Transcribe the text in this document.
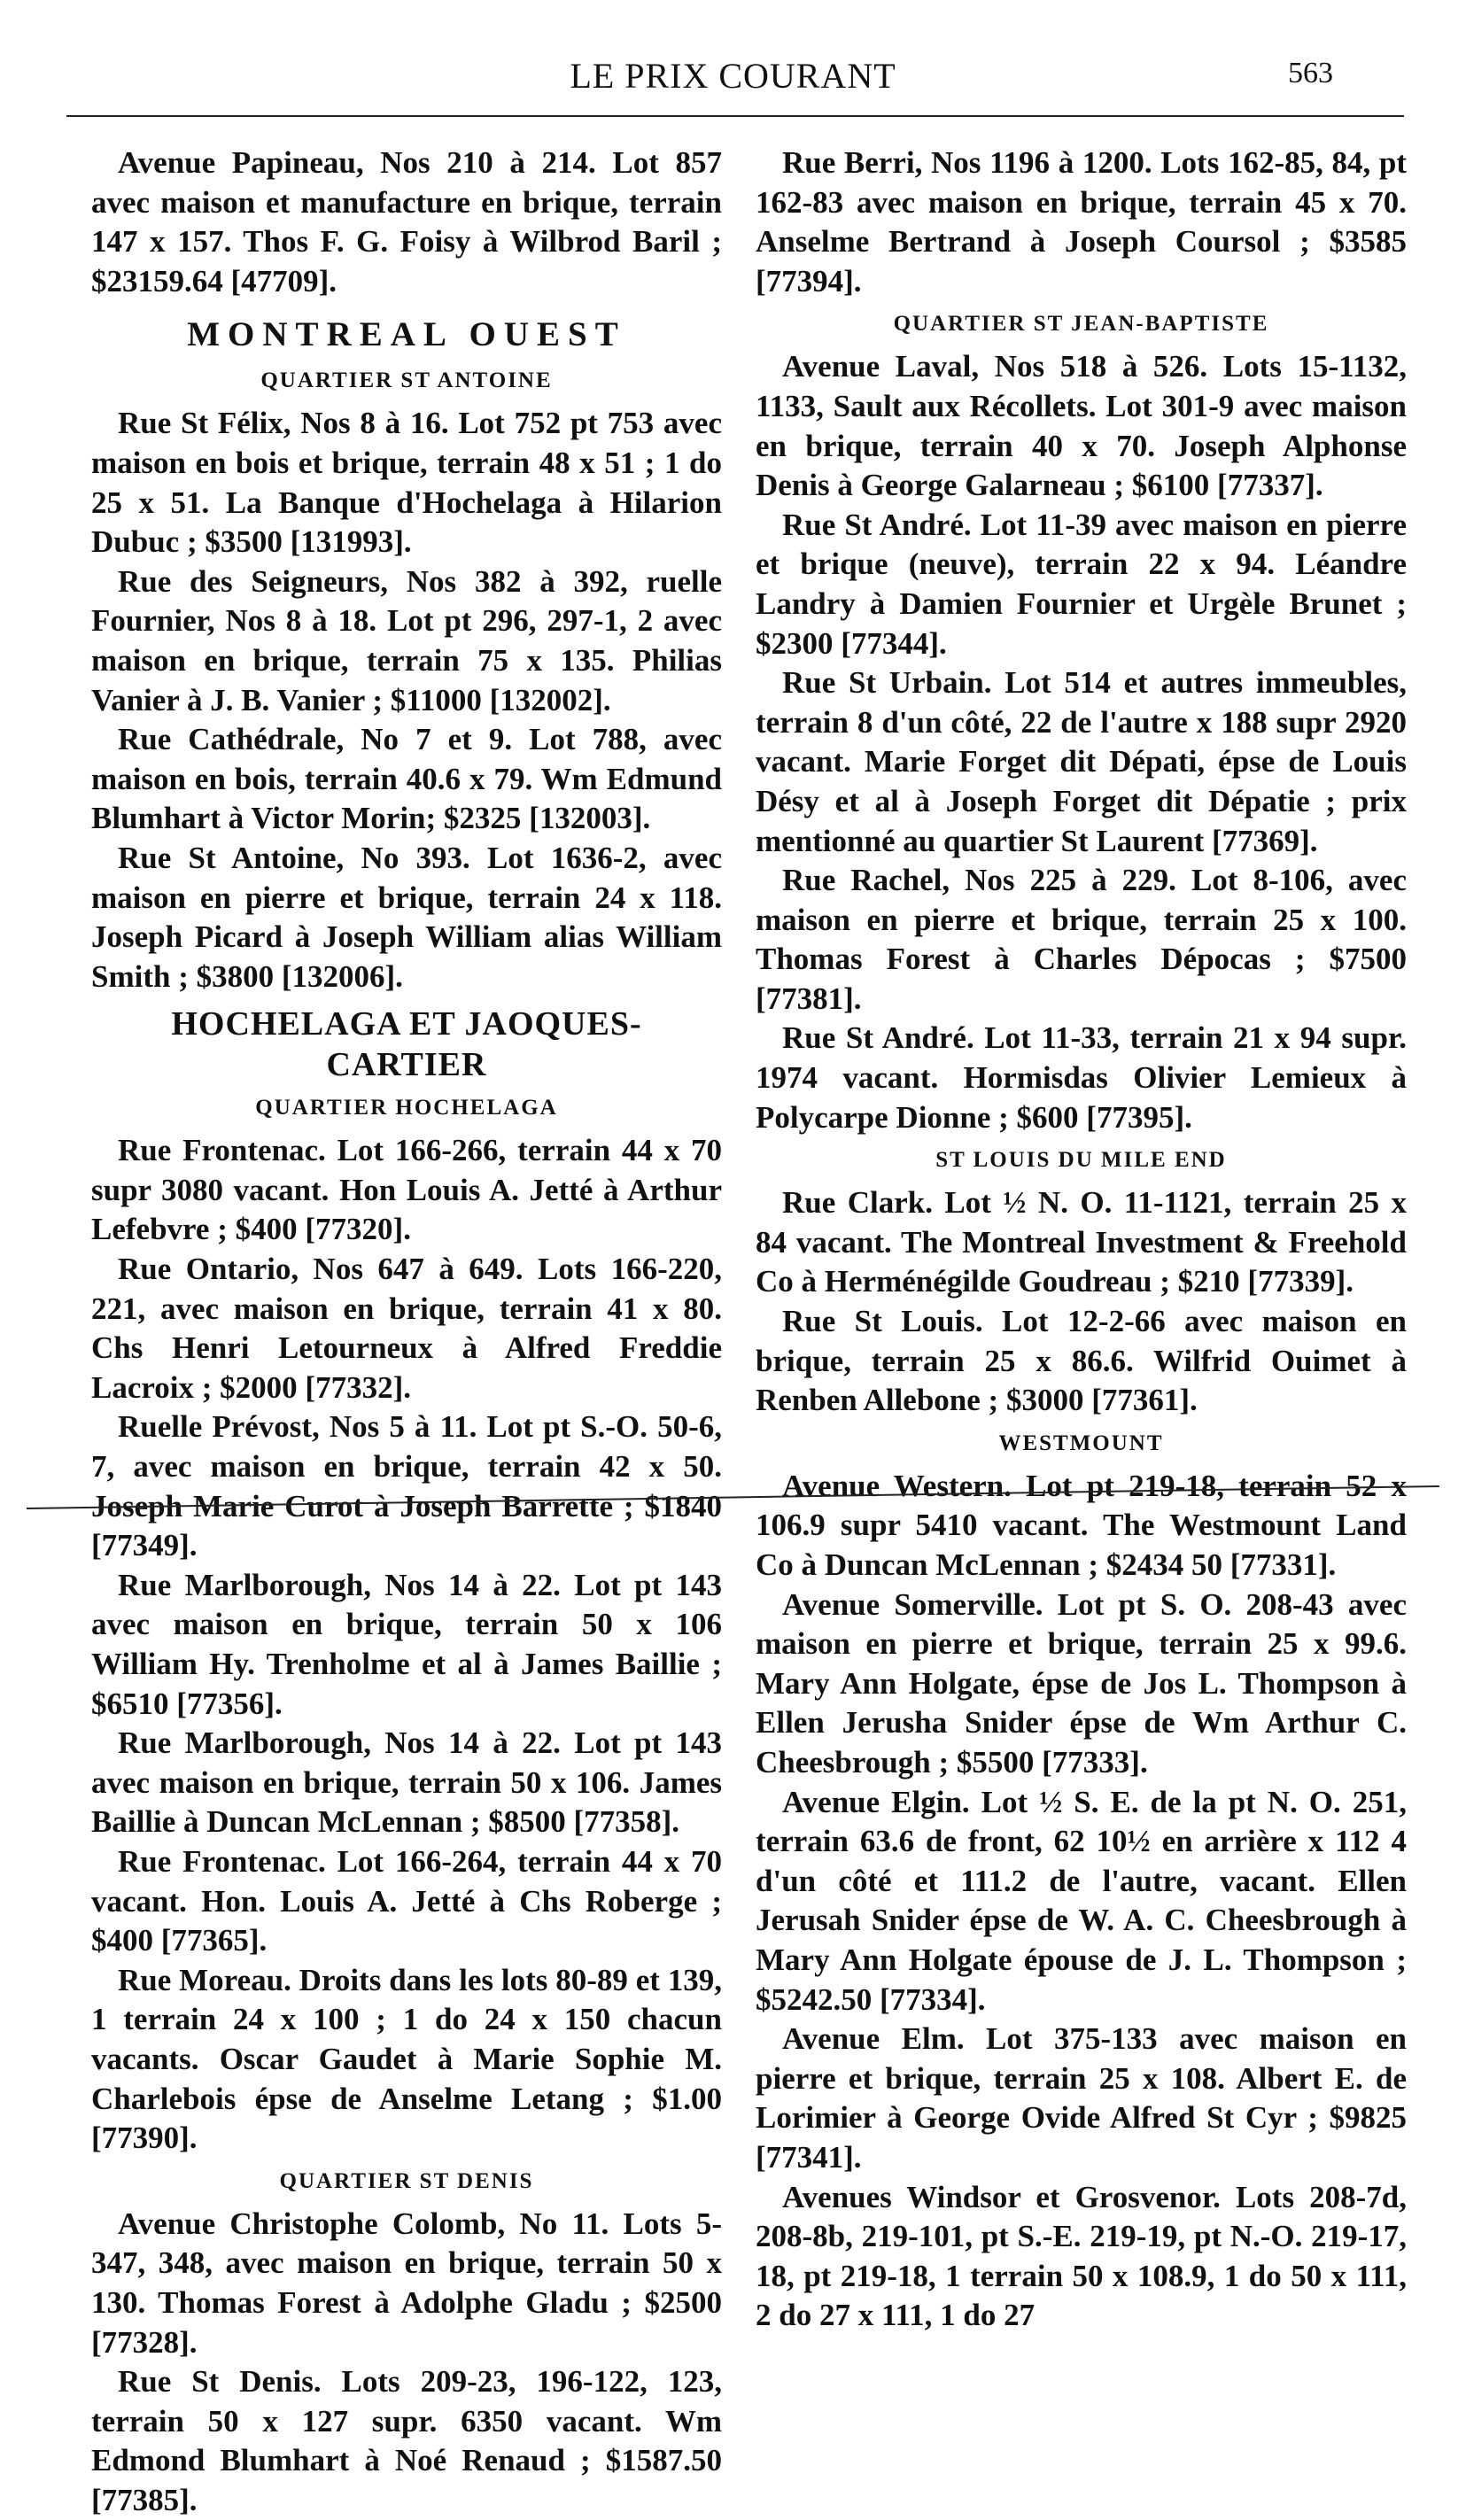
LE PRIX COURANT	563
Avenue Papineau, Nos 210 à 214. Lot 857 avec maison et manufacture en brique, terrain 147 x 157. Thos F. G. Foisy à Wilbrod Baril ; $23159.64 [47709].
MONTREAL OUEST
QUARTIER ST ANTOINE
Rue St Félix, Nos 8 à 16. Lot 752 pt 753 avec maison en bois et brique, terrain 48 x 51 ; 1 do 25 x 51. La Banque d'Hochelaga à Hilarion Dubuc ; $3500 [131993].
Rue des Seigneurs, Nos 382 à 392, ruelle Fournier, Nos 8 à 18. Lot pt 296, 297-1, 2 avec maison en brique, terrain 75 x 135. Philias Vanier à J. B. Vanier ; $11000 [132002].
Rue Cathédrale, No 7 et 9. Lot 788, avec maison en bois, terrain 40.6 x 79. Wm Edmund Blumhart à Victor Morin; $2325 [132003].
Rue St Antoine, No 393. Lot 1636-2, avec maison en pierre et brique, terrain 24 x 118. Joseph Picard à Joseph William alias William Smith ; $3800 [132006].
HOCHELAGA ET JAOQUES-CARTIER
QUARTIER HOCHELAGA
Rue Frontenac. Lot 166-266, terrain 44 x 70 supr 3080 vacant. Hon Louis A. Jetté à Arthur Lefebvre ; $400 [77320].
Rue Ontario, Nos 647 à 649. Lots 166-220, 221, avec maison en brique, terrain 41 x 80. Chs Henri Letourneux à Alfred Freddie Lacroix ; $2000 [77332].
Ruelle Prévost, Nos 5 à 11. Lot pt S.-O. 50-6, 7, avec maison en brique, terrain 42 x 50. Joseph Marie Curot à Joseph Barrette ; $1840 [77349].
Rue Marlborough, Nos 14 à 22. Lot pt 143 avec maison en brique, terrain 50 x 106 William Hy. Trenholme et al à James Baillie ; $6510 [77356].
Rue Marlborough, Nos 14 à 22. Lot pt 143 avec maison en brique, terrain 50 x 106. James Baillie à Duncan McLennan ; $8500 [77358].
Rue Frontenac. Lot 166-264, terrain 44 x 70 vacant. Hon. Louis A. Jetté à Chs Roberge ; $400 [77365].
Rue Moreau. Droits dans les lots 80-89 et 139, 1 terrain 24 x 100 ; 1 do 24 x 150 chacun vacants. Oscar Gaudet à Marie Sophie M. Charlebois épse de Anselme Letang ; $1.00 [77390].
QUARTIER ST DENIS
Avenue Christophe Colomb, No 11. Lots 5-347, 348, avec maison en brique, terrain 50 x 130. Thomas Forest à Adolphe Gladu ; $2500 [77328].
Rue St Denis. Lots 209-23, 196-122, 123, terrain 50 x 127 supr. 6350 vacant. Wm Edmond Blumhart à Noé Renaud ; $1587.50 [77385].
Rue Berri, Nos 1196 à 1200. Lots 162-85, 84, pt 162-83 avec maison en brique, terrain 45 x 70. Anselme Bertrand à Joseph Coursol ; $3585 [77394].
QUARTIER ST JEAN-BAPTISTE
Avenue Laval, Nos 518 à 526. Lots 15-1132, 1133, Sault aux Récollets. Lot 301-9 avec maison en brique, terrain 40 x 70. Joseph Alphonse Denis à George Galarneau ; $6100 [77337].
Rue St André. Lot 11-39 avec maison en pierre et brique (neuve), terrain 22 x 94. Léandre Landry à Damien Fournier et Urgèle Brunet ; $2300 [77344].
Rue St Urbain. Lot 514 et autres immeubles, terrain 8 d'un côté, 22 de l'autre x 188 supr 2920 vacant. Marie Forget dit Dépati, épse de Louis Désy et al à Joseph Forget dit Dépatie ; prix mentionné au quartier St Laurent [77369].
Rue Rachel, Nos 225 à 229. Lot 8-106, avec maison en pierre et brique, terrain 25 x 100. Thomas Forest à Charles Dépocas ; $7500 [77381].
Rue St André. Lot 11-33, terrain 21 x 94 supr. 1974 vacant. Hormisdas Olivier Lemieux à Polycarpe Dionne ; $600 [77395].
ST LOUIS DU MILE END
Rue Clark. Lot ½ N. O. 11-1121, terrain 25 x 84 vacant. The Montreal Investment & Freehold Co à Herménégilde Goudreau ; $210 [77339].
Rue St Louis. Lot 12-2-66 avec maison en brique, terrain 25 x 86.6. Wilfrid Ouimet à Renben Allebone ; $3000 [77361].
WESTMOUNT
Avenue Western. Lot pt 219-18, terrain 52 x 106.9 supr 5410 vacant. The Westmount Land Co à Duncan McLennan ; $2434 50 [77331].
Avenue Somerville. Lot pt S. O. 208-43 avec maison en pierre et brique, terrain 25 x 99.6. Mary Ann Holgate, épse de Jos L. Thompson à Ellen Jerusha Snider épse de Wm Arthur C. Cheesbrough ; $5500 [77333].
Avenue Elgin. Lot ½ S. E. de la pt N. O. 251, terrain 63.6 de front, 62 10½ en arrière x 112 4 d'un côté et 111.2 de l'autre, vacant. Ellen Jerusah Snider épse de W. A. C. Cheesbrough à Mary Ann Holgate épouse de J. L. Thompson ; $5242.50 [77334].
Avenue Elm. Lot 375-133 avec maison en pierre et brique, terrain 25 x 108. Albert E. de Lorimier à George Ovide Alfred St Cyr ; $9825 [77341].
Avenues Windsor et Grosvenor. Lots 208-7d, 208-8b, 219-101, pt S.-E. 219-19, pt N.-O. 219-17, 18, pt 219-18, 1 terrain 50 x 108.9, 1 do 50 x 111, 2 do 27 x 111, 1 do 27
